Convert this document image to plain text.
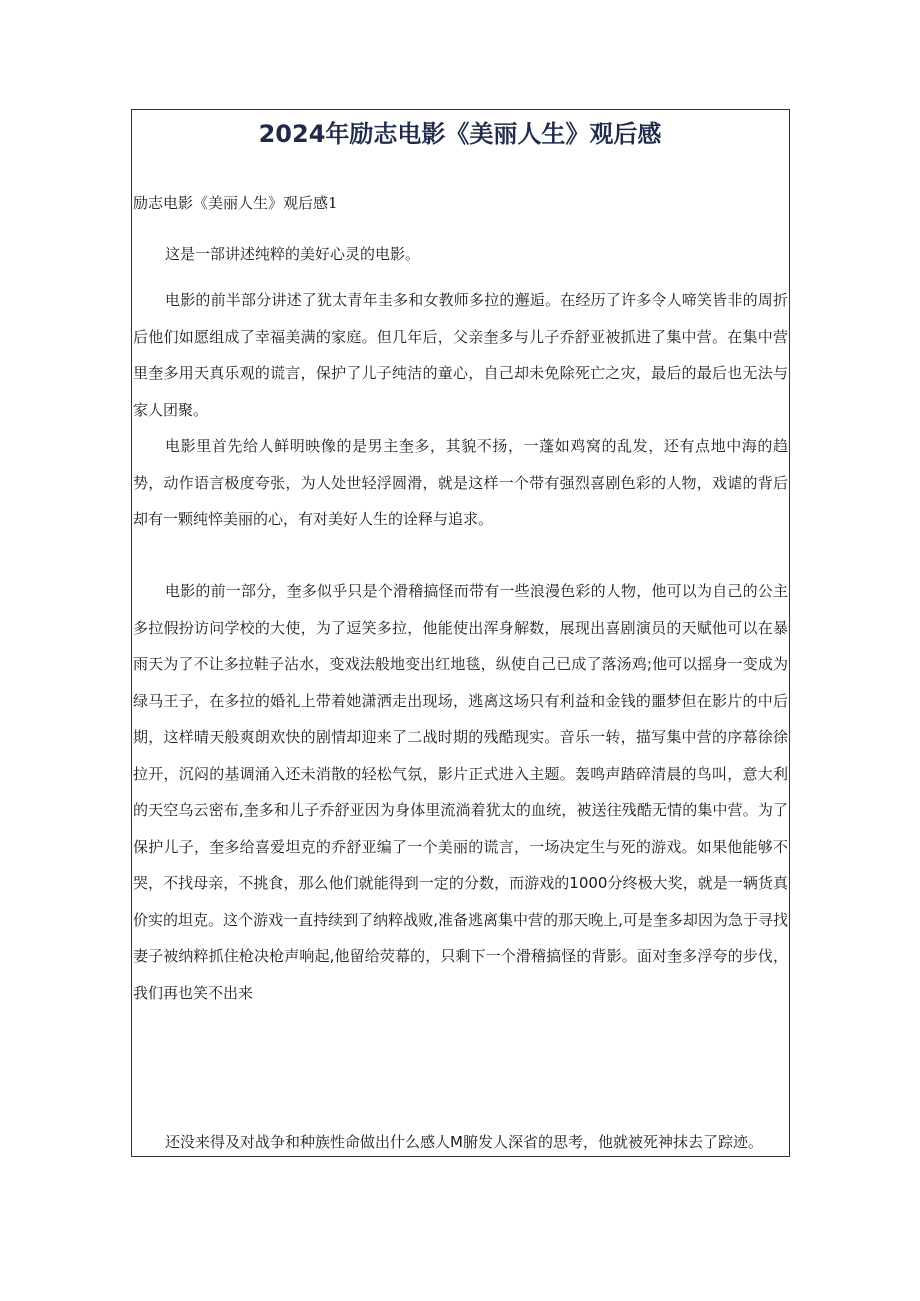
2024年励志电影《美丽人生》观后感
励志电影《美丽人生》观后感1

这是一部讲述纯粹的美好心灵的电影。

电影的前半部分讲述了犹太青年圭多和女教师多拉的邂逅。在经历了许多令人啼笑皆非的周折后他们如愿组成了幸福美满的家庭。但几年后，父亲奎多与儿子乔舒亚被抓进了集中营。在集中营里奎多用天真乐观的谎言，保护了儿子纯洁的童心，自己却未免除死亡之灾，最后的最后也无法与家人团聚。

电影里首先给人鲜明映像的是男主奎多，其貌不扬，一蓬如鸡窝的乱发，还有点地中海的趋势，动作语言极度夸张，为人处世轻浮圆滑，就是这样一个带有强烈喜剧色彩的人物，戏谑的背后却有一颗纯悴美丽的心，有对美好人生的诠释与追求。

电影的前一部分，奎多似乎只是个滑稽搞怪而带有一些浪漫色彩的人物，他可以为自己的公主多拉假扮访问学校的大使，为了逗笑多拉，他能使出浑身解数，展现出喜剧演员的天赋他可以在暴雨天为了不让多拉鞋子沾水，变戏法般地变出红地毯，纵使自己已成了落汤鸡;他可以摇身一变成为绿马王子，在多拉的婚礼上带着她潇洒走出现场，逃离这场只有利益和金钱的噩梦但在影片的中后期，这样晴天般爽朗欢快的剧情却迎来了二战时期的残酷现实。音乐一转，描写集中营的序幕徐徐拉开，沉闷的基调涌入还未消散的轻松气氛，影片正式进入主题。轰鸣声踏碎清晨的鸟叫，意大利的天空乌云密布,奎多和儿子乔舒亚因为身体里流淌着犹太的血统，被送往残酷无情的集中营。为了保护儿子，奎多给喜爱坦克的乔舒亚编了一个美丽的谎言，一场决定生与死的游戏。如果他能够不哭，不找母亲，不挑食，那么他们就能得到一定的分数，而游戏的1000分终极大奖，就是一辆货真价实的坦克。这个游戏一直持续到了纳粹战败,准备逃离集中营的那天晚上,可是奎多却因为急于寻找妻子被纳粹抓住枪决枪声响起,他留给荧幕的，只剩下一个滑稽搞怪的背影。面对奎多浮夸的步伐，我们再也笑不出来

还没来得及对战争和种族性命做出什么感人M腑发人深省的思考，他就被死神抹去了踪迹。
